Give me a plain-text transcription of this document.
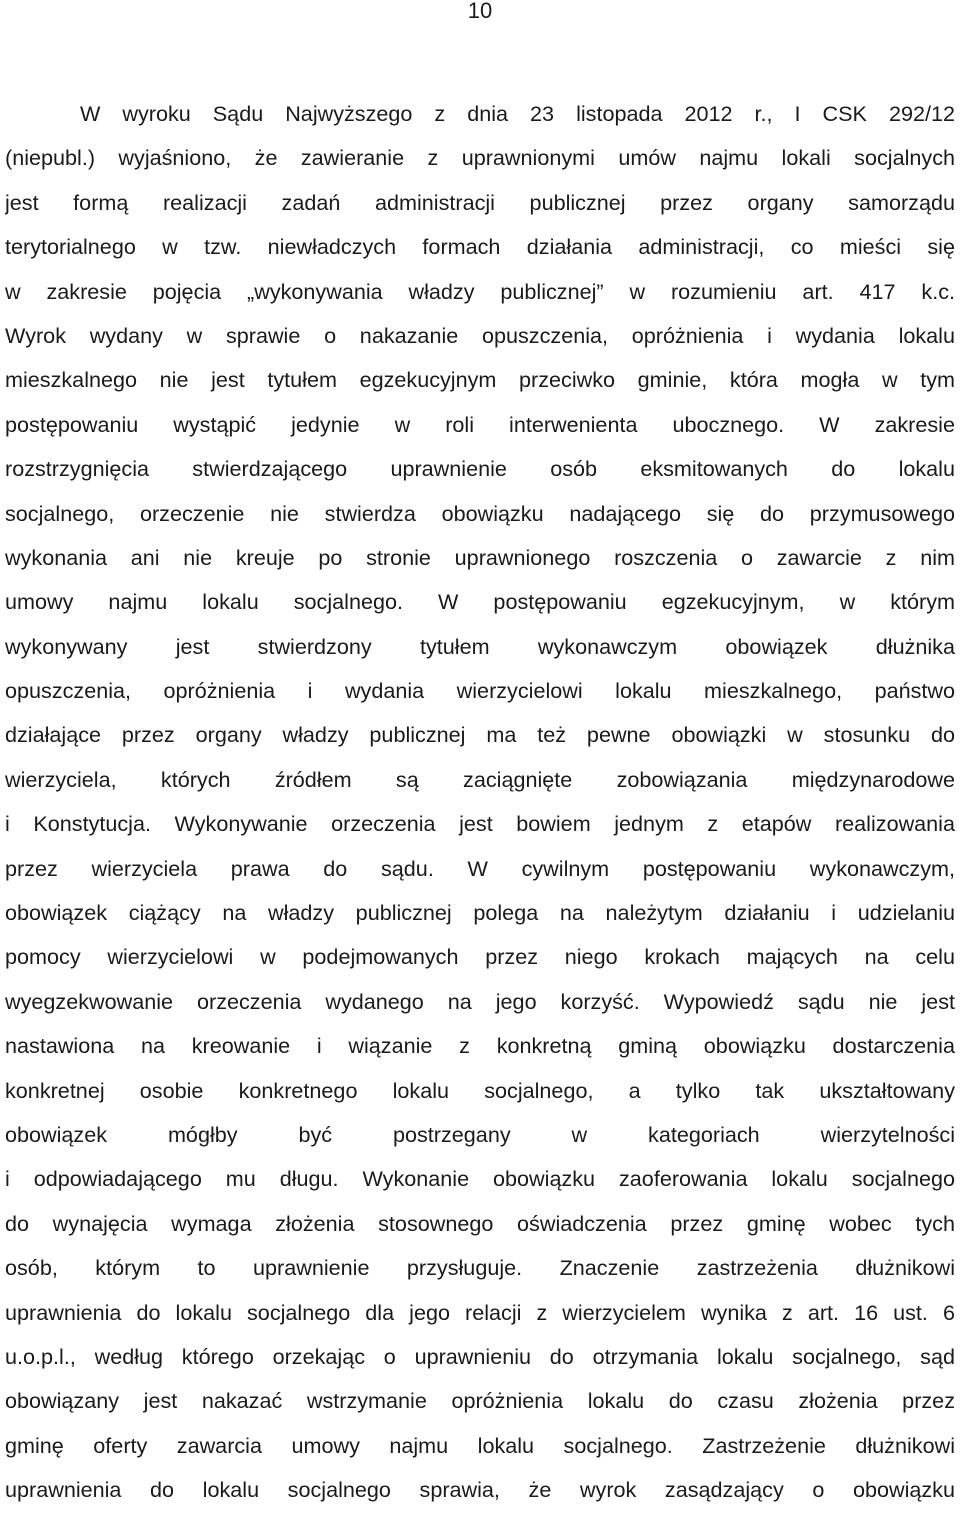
10
W wyroku Sądu Najwyższego z dnia 23 listopada 2012 r., I CSK 292/12
(niepubl.) wyjaśniono, że zawieranie z uprawnionymi umów najmu lokali socjalnych
jest formą realizacji zadań administracji publicznej przez organy samorządu
terytorialnego w tzw. niewładczych formach działania administracji, co mieści się
w zakresie pojęcia „wykonywania władzy publicznej” w rozumieniu art. 417 k.c.
Wyrok wydany w sprawie o nakazanie opuszczenia, opróżnienia i wydania lokalu
mieszkalnego nie jest tytułem egzekucyjnym przeciwko gminie, która mogła w tym
postępowaniu wystąpić jedynie w roli interwenienta ubocznego. W zakresie
rozstrzygnięcia stwierdzającego uprawnienie osób eksmitowanych do lokalu
socjalnego, orzeczenie nie stwierdza obowiązku nadającego się do przymusowego
wykonania ani nie kreuje po stronie uprawnionego roszczenia o zawarcie z nim
umowy najmu lokalu socjalnego. W postępowaniu egzekucyjnym, w którym
wykonywany jest stwierdzony tytułem wykonawczym obowiązek dłużnika
opuszczenia, opróżnienia i wydania wierzycielowi lokalu mieszkalnego, państwo
działające przez organy władzy publicznej ma też pewne obowiązki w stosunku do
wierzyciela, których źródłem są zaciągnięte zobowiązania międzynarodowe
i Konstytucja. Wykonywanie orzeczenia jest bowiem jednym z etapów realizowania
przez wierzyciela prawa do sądu. W cywilnym postępowaniu wykonawczym,
obowiązek ciążący na władzy publicznej polega na należytym działaniu i udzielaniu
pomocy wierzycielowi w podejmowanych przez niego krokach mających na celu
wyegzekwowanie orzeczenia wydanego na jego korzyść. Wypowiedź sądu nie jest
nastawiona na kreowanie i wiązanie z konkretną gminą obowiązku dostarczenia
konkretnej osobie konkretnego lokalu socjalnego, a tylko tak ukształtowany
obowiązek mógłby być postrzegany w kategoriach wierzytelności
i odpowiadającego mu długu. Wykonanie obowiązku zaoferowania lokalu socjalnego
do wynajęcia wymaga złożenia stosownego oświadczenia przez gminę wobec tych
osób, którym to uprawnienie przysługuje. Znaczenie zastrzeżenia dłużnikowi
uprawnienia do lokalu socjalnego dla jego relacji z wierzycielem wynika z art. 16 ust. 6
u.o.p.l., według którego orzekając o uprawnieniu do otrzymania lokalu socjalnego, sąd
obowiązany jest nakazać wstrzymanie opróżnienia lokalu do czasu złożenia przez
gminę oferty zawarcia umowy najmu lokalu socjalnego. Zastrzeżenie dłużnikowi
uprawnienia do lokalu socjalnego sprawia, że wyrok zasądzający o obowiązku
